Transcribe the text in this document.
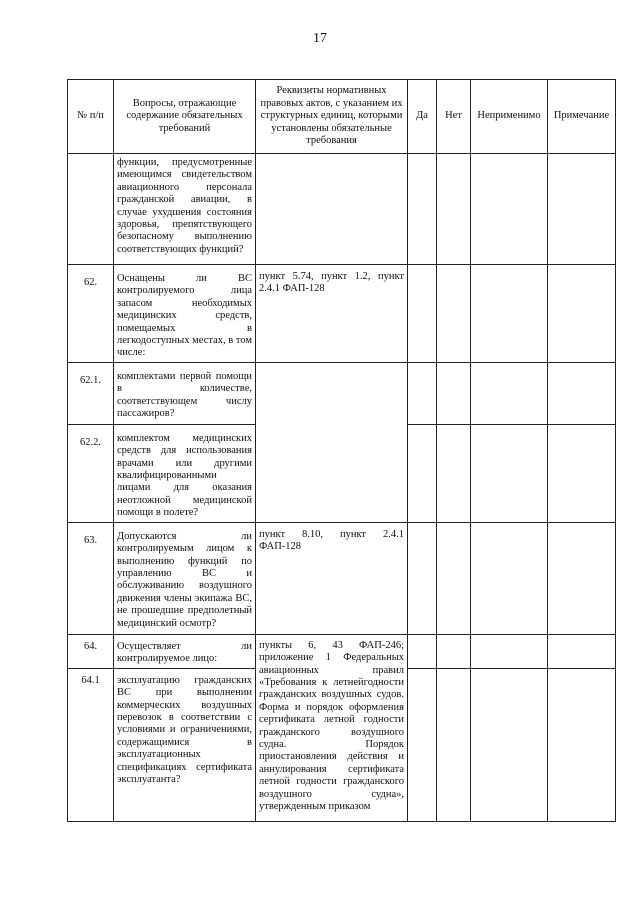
17
№ п/п	Вопросы, отражающие содержание обязательных требований	Реквизиты нормативных правовых актов, с указанием их структурных единиц, которыми установлены обязательные требования	Да	Нет	Неприменимо	Примечание
	функции, предусмотренные имеющимся свидетельством авиационного персонала гражданской авиации, в случае ухудшения состояния здоровья, препятствующего безопасному выполнению соответствующих функций?					
62.	Оснащены ли ВС контролируемого лица запасом необходимых медицинских средств, помещаемых в легкодоступных местах, в том числе:	пункт 5.74, пункт 1.2, пункт 2.4.1 ФАП-128				
62.1.	комплектами первой помощи в количестве, соответствующем числу пассажиров?					
62.2.	комплектом медицинских средств для использования врачами или другими квалифицированными лицами для оказания неотложной медицинской помощи в полете?					
63.	Допускаются ли контролируемым лицом к выполнению функций по управлению ВС и обслуживанию воздушного движения члены экипажа ВС, не прошедшие предполетный медицинский осмотр?	пункт 8.10, пункт 2.4.1 ФАП-128				
64.	Осуществляет ли контролируемое лицо:	пункты 6, 43 ФАП-246; приложение 1 Федеральных авиационных правил «Требования к летнейгодности гражданских воздушных судов. Форма и порядок оформления сертификата летной годности гражданского воздушного судна. Порядок приостановления действия и аннулирования сертификата летной годности гражданского воздушного судна», утвержденным приказом				
64.1	эксплуатацию гражданских ВС при выполнении коммерческих воздушных перевозок в соответствии с условиями и ограничениями, содержащимися в эксплуатационных спецификациях сертификата эксплуатанта?					
